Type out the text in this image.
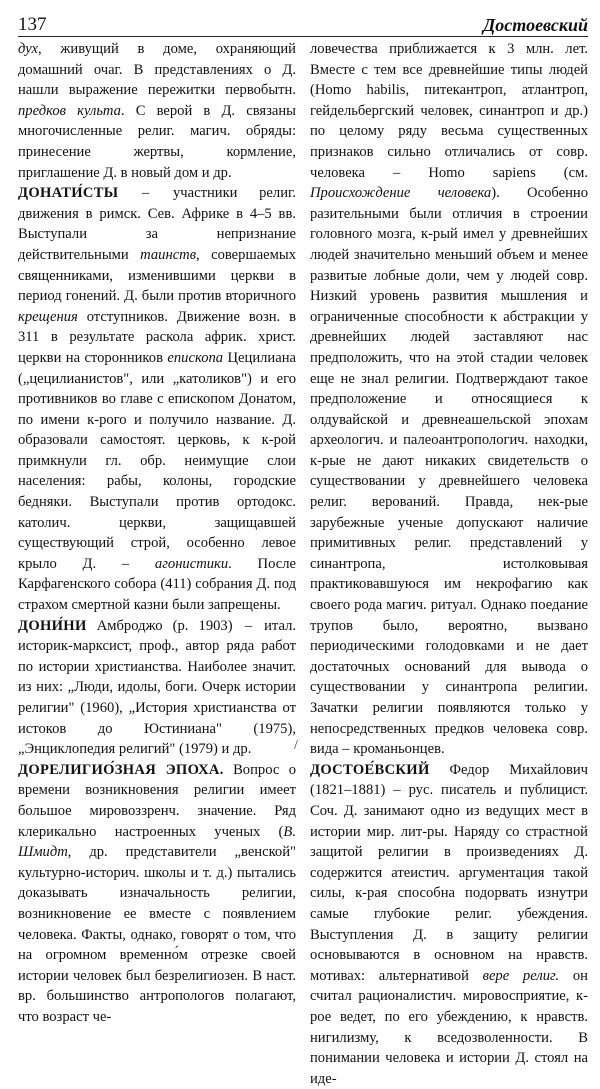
137	Достоевский

дух, живущий в доме, охраняющий домашний очаг. В представлениях о Д. нашли выражение пережитки первобытн. предков культа. С верой в Д. связаны многочисленные религ. магич. обряды: принесение жертвы, кормление, приглашение Д. в новый дом и др.

ДОНАТИ́СТЫ – участники религ. движения в римск. Сев. Африке в 4–5 вв. Выступали за непризнание действительными таинств, совершаемых священниками, изменившими церкви в период гонений. Д. были против вторичного крещения отступников. Движение возн. в 311 в результате раскола африк. христ. церкви на сторонников епископа Цецилиана („цецилианистов", или „католиков") и его противников во главе с епископом Донатом, по имени к-рого и получило название. Д. образовали самостоят. церковь, к к-рой примкнули гл. обр. неимущие слои населения: рабы, колоны, городские бедняки. Выступали против ортодокс. католич. церкви, защищавшей существующий строй, особенно левое крыло Д. – агонистики. После Карфагенского собора (411) собрания Д. под страхом смертной казни были запрещены.

ДОНИ́НИ Амброджо (р. 1903) – итал. историк-марксист, проф., автор ряда работ по истории христианства. Наиболее значит. из них: „Люди, идолы, боги. Очерк истории религии" (1960), „История христианства от истоков до Юстиниана" (1975), „Энциклопедия религий" (1979) и др.

ДОРЕЛИГИО́ЗНАЯ ЭПОХА. Вопрос о времени возникновения религии имеет большое мировоззренч. значение. Ряд клерикально настроенных ученых (В. Шмидт, др. представители „венской" культурно-историч. школы и т. д.) пытались доказывать изначальность религии, возникновение ее вместе с появлением человека. Факты, однако, говорят о том, что на огромном временно́м отрезке своей истории человек был безрелигиозен. В наст. вр. большинство антропологов полагают, что возраст че-

ловечества приближается к 3 млн. лет. Вместе с тем все древнейшие типы людей (Homo habilis, питекантроп, атлантроп, гейдельбергский человек, синантроп и др.) по целому ряду весьма существенных признаков сильно отличались от совр. человека – Homo sapiens (см. Происхождение человека). Особенно разительными были отличия в строении головного мозга, к-рый имел у древнейших людей значительно меньший объем и менее развитые лобные доли, чем у людей совр. Низкий уровень развития мышления и ограниченные способности к абстракции у древнейших людей заставляют нас предположить, что на этой стадии человек еще не знал религии. Подтверждают такое предположение и относящиеся к олдувайской и древнеашельской эпохам археологич. и палеоантропологич. находки, к-рые не дают никаких свидетельств о существовании у древнейшего человека религ. верований. Правда, нек-рые зарубежные ученые допускают наличие примитивных религ. представлений у синантропа, истолковывая практиковавшуюся им некрофагию как своего рода магич. ритуал. Однако поедание трупов было, вероятно, вызвано периодическими голодовками и не дает достаточных оснований для вывода о существовании у синантропа религии. Зачатки религии появляются только у непосредственных предков человека совр. вида – кроманьонцев.

ДОСТОЕ́ВСКИЙ Федор Михайлович (1821–1881) – рус. писатель и публицист. Соч. Д. занимают одно из ведущих мест в истории мир. лит-ры. Наряду со страстной защитой религии в произведениях Д. содержится атеистич. аргументация такой силы, к-рая способна подорвать изнутри самые глубокие религ. убеждения. Выступления Д. в защиту религии основываются в основном на нравств. мотивах: альтернативой вере религ. он считал рационалистич. мировосприятие, к-рое ведет, по его убеждению, к нравств. нигилизму, к вседозволенности. В понимании человека и истории Д. стоял на иде-

/
